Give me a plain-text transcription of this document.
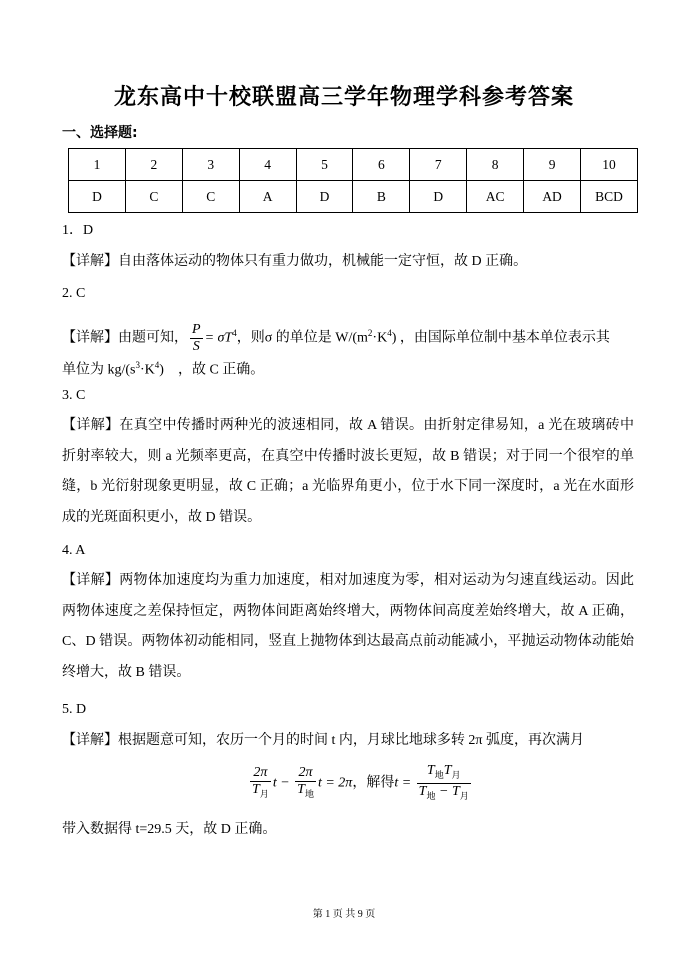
龙东高中十校联盟高三学年物理学科参考答案
一、选择题:
1	2	3	4	5	6	7	8	9	10
D	C	C	A	D	B	D	AC	AD	BCD
1．D
【详解】自由落体运动的物体只有重力做功，机械能一定守恒，故 D 正确。
2. C
【详解】由题可知， $\frac{P}{S} = \sigma T^4$，则σ 的单位是 $W/(m^2\cdot K^4)$ ，由国际单位制中基本单位表示其
单位为 $kg/(s^3\cdot K^4)$　，故 C 正确。
3. C
【详解】在真空中传播时两种光的波速相同，故 A 错误。由折射定律易知，a 光在玻璃砖中折射率较大，则 a 光频率更高，在真空中传播时波长更短，故 B 错误；对于同一个很窄的单缝，b 光衍射现象更明显，故 C 正确；a 光临界角更小，位于水下同一深度时，a 光在水面形成的光斑面积更小，故 D 错误。
4. A
【详解】两物体加速度均为重力加速度，相对加速度为零，相对运动为匀速直线运动。因此两物体速度之差保持恒定，两物体间距离始终增大，两物体间高度差始终增大，故 A 正确，C、D 错误。两物体初动能相同，竖直上抛物体到达最高点前动能减小，平抛运动物体动能始终增大，故 B 错误。
5. D
【详解】根据题意可知，农历一个月的时间 t 内，月球比地球多转 2π 弧度，再次满月
$\frac{2\pi}{T_月}$ $t - \frac{2\pi}{T_地}$ t = 2π，解得$t = \frac{T_地T_月}{T_地 - T_月}$
带入数据得 t=29.5 天，故 D 正确。
第 1 页 共 9 页
